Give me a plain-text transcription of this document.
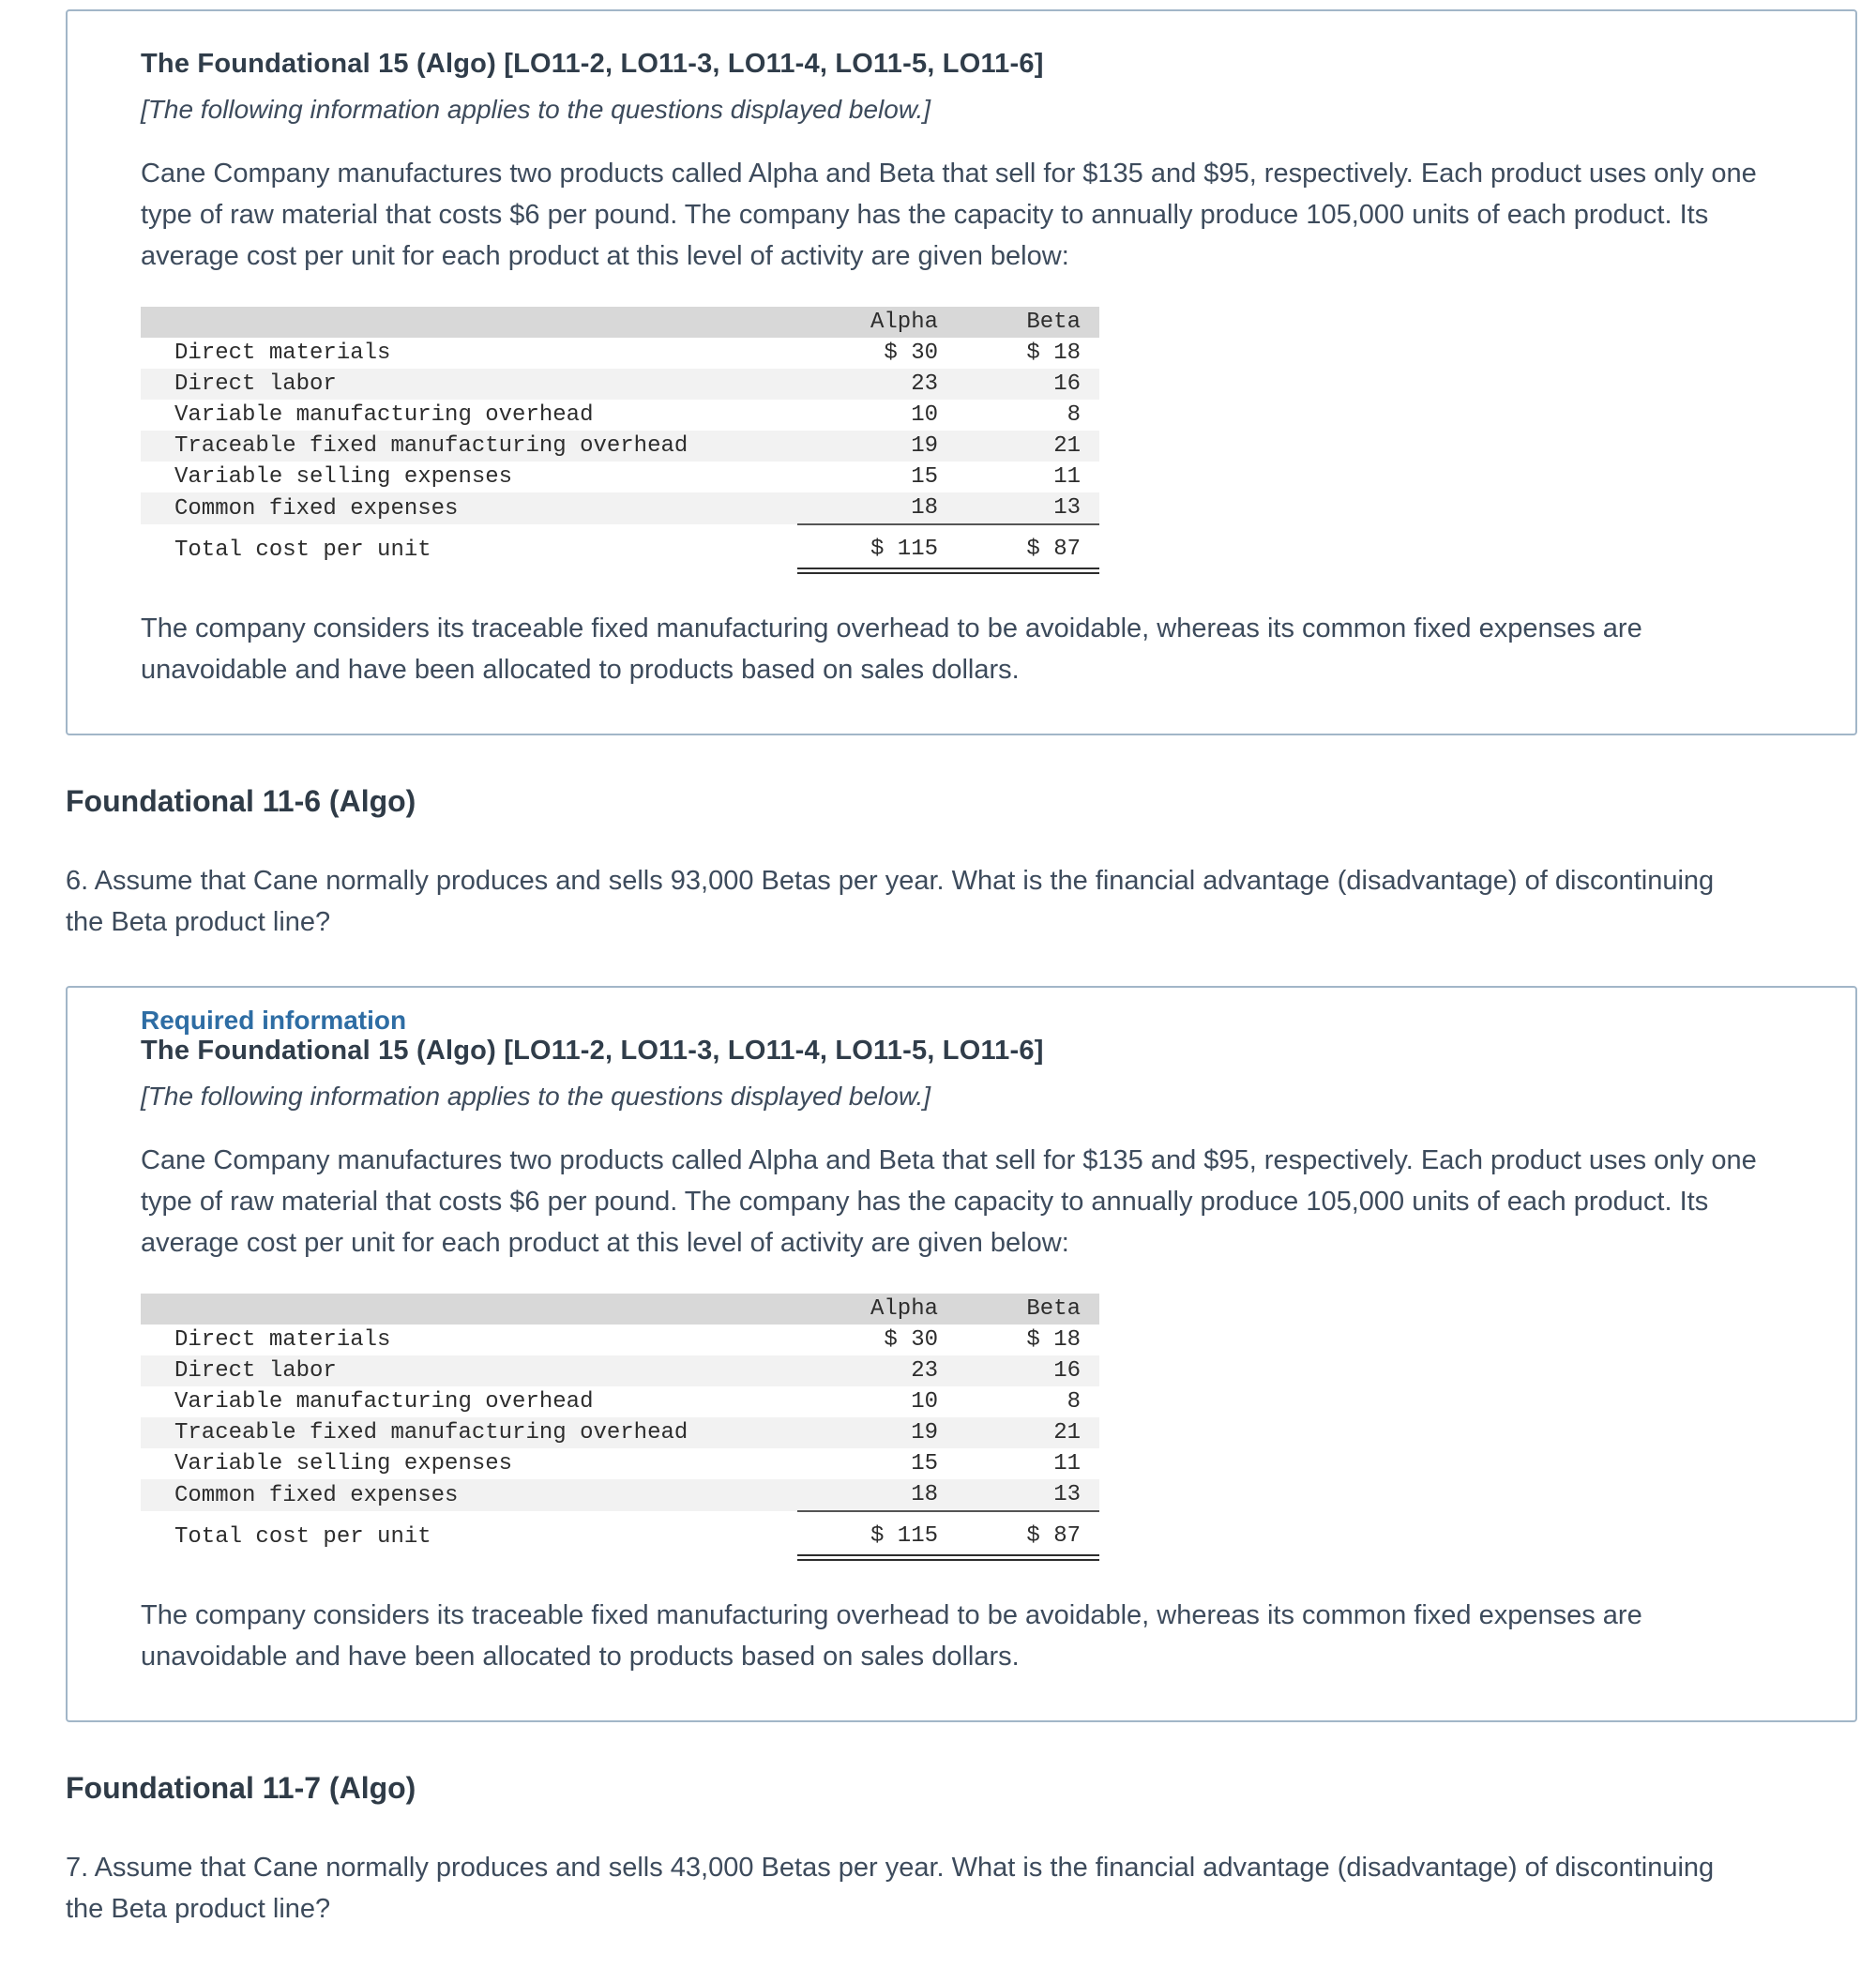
The Foundational 15 (Algo) [LO11-2, LO11-3, LO11-4, LO11-5, LO11-6]

[The following information applies to the questions displayed below.]

Cane Company manufactures two products called Alpha and Beta that sell for $135 and $95, respectively. Each product uses only one type of raw material that costs $6 per pound. The company has the capacity to annually produce 105,000 units of each product. Its average cost per unit for each product at this level of activity are given below:

	Alpha	Beta
Direct materials	$ 30	$ 18
Direct labor	23	16
Variable manufacturing overhead	10	8
Traceable fixed manufacturing overhead	19	21
Variable selling expenses	15	11
Common fixed expenses	18	13
Total cost per unit	$ 115	$ 87

The company considers its traceable fixed manufacturing overhead to be avoidable, whereas its common fixed expenses are unavoidable and have been allocated to products based on sales dollars.

Foundational 11-6 (Algo)

6. Assume that Cane normally produces and sells 93,000 Betas per year. What is the financial advantage (disadvantage) of discontinuing the Beta product line?

Required information
The Foundational 15 (Algo) [LO11-2, LO11-3, LO11-4, LO11-5, LO11-6]

[The following information applies to the questions displayed below.]

Cane Company manufactures two products called Alpha and Beta that sell for $135 and $95, respectively. Each product uses only one type of raw material that costs $6 per pound. The company has the capacity to annually produce 105,000 units of each product. Its average cost per unit for each product at this level of activity are given below:

	Alpha	Beta
Direct materials	$ 30	$ 18
Direct labor	23	16
Variable manufacturing overhead	10	8
Traceable fixed manufacturing overhead	19	21
Variable selling expenses	15	11
Common fixed expenses	18	13
Total cost per unit	$ 115	$ 87

The company considers its traceable fixed manufacturing overhead to be avoidable, whereas its common fixed expenses are unavoidable and have been allocated to products based on sales dollars.

Foundational 11-7 (Algo)

7. Assume that Cane normally produces and sells 43,000 Betas per year. What is the financial advantage (disadvantage) of discontinuing the Beta product line?
